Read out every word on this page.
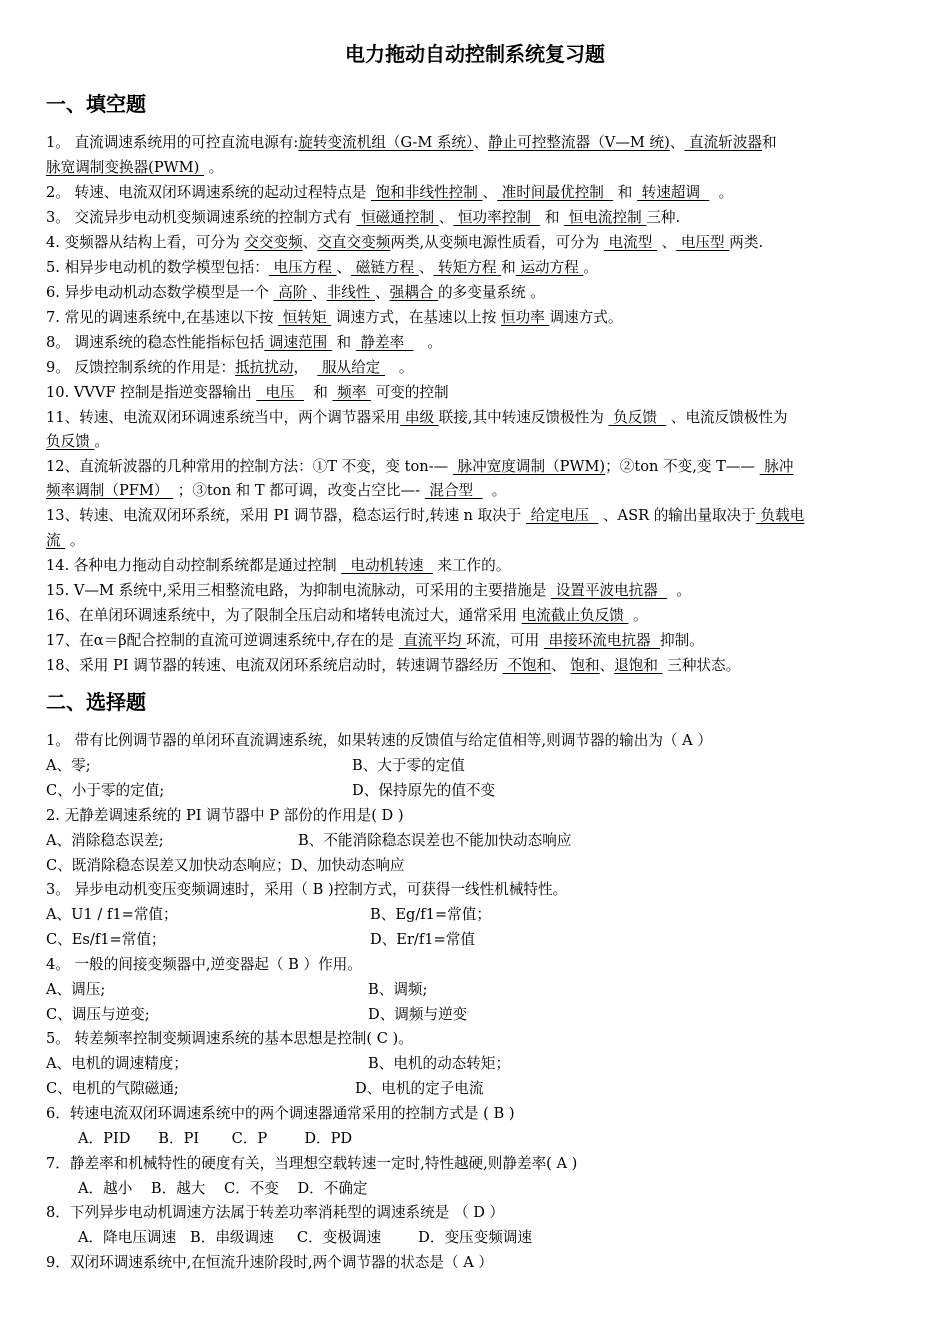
电力拖动自动控制系统复习题
一、填空题
1。 直流调速系统用的可控直流电源有:旋转变流机组（G-M 系统）、静止可控整流器（V—M 统)、 直流斩波器和
脉宽调制变换器(PWM)  。
2。 转速、电流双闭环调速系统的起动过程特点是  饱和非线性控制 、 准时间最优控制   和  转速超调    。
3。 交流异步电动机变频调速系统的控制方式有  恒磁通控制 、 恒功率控制   和  恒电流控制 三种.
4. 变频器从结构上看，可分为 交交变频、交直交变频两类,从变频电源性质看，可分为  电流型  、 电压型 两类.
5. 相异步电动机的数学模型包括： 电压方程 、 磁链方程 、 转矩方程 和 运动方程 。
6. 异步电动机动态数学模型是一个  高阶 、非线性 、强耦合 的多变量系统 。
7. 常见的调速系统中,在基速以下按  恒转矩  调速方式，在基速以上按 恒功率 调速方式。
8。 调速系统的稳态性能指标包括 调速范围  和  静差率     。
9。 反馈控制系统的作用是：抵抗扰动，   服从给定    。
10. VVVF 控制是指逆变器输出   电压    和  频率  可变的控制
11、转速、电流双闭环调速系统当中，两个调节器采用 串级 联接,其中转速反馈极性为  负反馈   、电流反馈极性为
负反馈 。
12、直流斩波器的几种常用的控制方法：①T 不变，变 ton-—  脉冲宽度调制（PWM)；②ton 不变,变 T——  脉冲
频率调制（PFM）  ；③ton 和 T 都可调，改变占空比—-  混合型    。
13、转速、电流双闭环系统，采用 PI 调节器，稳态运行时,转速 n 取决于  给定电压   、ASR 的输出量取决于 负载电
流  。
14. 各种电力拖动自动控制系统都是通过控制   电动机转速   来工作的。
15. V—M 系统中,采用三相整流电路，为抑制电流脉动，可采用的主要措施是  设置平波电抗器    。
16、在单闭环调速系统中，为了限制全压启动和堵转电流过大，通常采用 电流截止负反馈  。
17、在α＝β配合控制的直流可逆调速系统中,存在的是  直流平均 环流，可用  串接环流电抗器  抑制。
18、采用 PI 调节器的转速、电流双闭环系统启动时，转速调节器经历  不饱和、 饱和、退饱和  三种状态。
二、选择题
1。 带有比例调节器的单闭环直流调速系统，如果转速的反馈值与给定值相等,则调节器的输出为（ A ）
A、零;	B、大于零的定值
C、小于零的定值;	D、保持原先的值不变
2. 无静差调速系统的 PI 调节器中 P 部份的作用是( D )
A、消除稳态误差;	B、不能消除稳态误差也不能加快动态响应
C、既消除稳态误差又加快动态响应；D、加快动态响应
3。 异步电动机变压变频调速时，采用（ B )控制方式，可获得一线性机械特性。
A、U1 / f1=常值；	B、Eg/f1=常值；
C、Es/f1=常值；	D、Er/f1=常值
4。 一般的间接变频器中,逆变器起（ B ）作用。
A、调压;	B、调频;
C、调压与逆变;	D、调频与逆变
5。 转差频率控制变频调速系统的基本思想是控制( C )。
A、电机的调速精度；	B、电机的动态转矩；
C、电机的气隙磁通;	D、电机的定子电流
6．转速电流双闭环调速系统中的两个调速器通常采用的控制方式是 ( B )
A．PID      B．PI       C．P        D．PD
7．静差率和机械特性的硬度有关，当理想空载转速一定时,特性越硬,则静差率( A )
A．越小    B．越大    C．不变    D．不确定
8．下列异步电动机调速方法属于转差功率消耗型的调速系统是 （ D ）
A．降电压调速   B．串级调速     C．变极调速        D．变压变频调速
9．双闭环调速系统中,在恒流升速阶段时,两个调节器的状态是（ A ）
